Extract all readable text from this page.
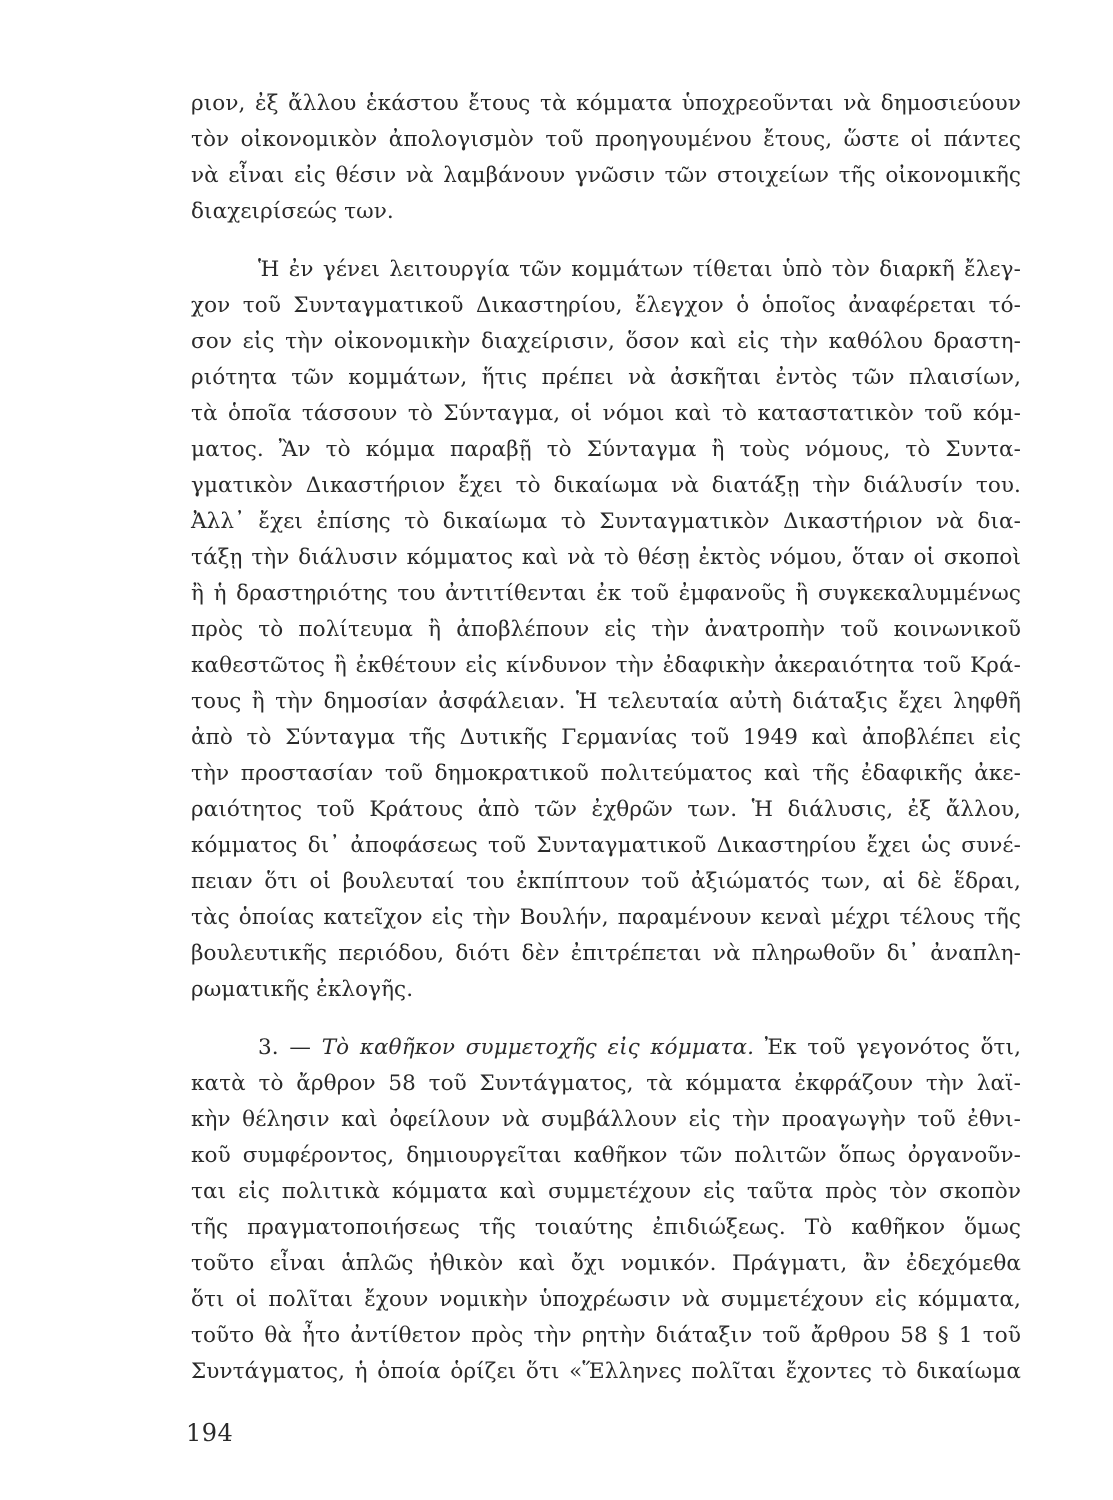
ριον, ἐξ ἄλλου ἑκάστου ἔτους τὰ κόμματα ὑποχρεοῦνται νὰ δημοσιεύουν
τὸν οἰκονομικὸν ἀπολογισμὸν τοῦ προηγουμένου ἔτους, ὥστε οἱ πάντες
νὰ εἶναι εἰς θέσιν νὰ λαμβάνουν γνῶσιν τῶν στοιχείων τῆς οἰκονομικῆς
διαχειρίσεώς των.
Ἡ ἐν γένει λειτουργία τῶν κομμάτων τίθεται ὑπὸ τὸν διαρκῆ ἔλεγ-
χον τοῦ Συνταγματικοῦ Δικαστηρίου, ἔλεγχον ὁ ὁποῖος ἀναφέρεται τό-
σον εἰς τὴν οἰκονομικὴν διαχείρισιν, ὅσον καὶ εἰς τὴν καθόλου δραστη-
ριότητα τῶν κομμάτων, ἥτις πρέπει νὰ ἀσκῆται ἐντὸς τῶν πλαισίων,
τὰ ὁποῖα τάσσουν τὸ Σύνταγμα, οἱ νόμοι καὶ τὸ καταστατικὸν τοῦ κόμ-
ματος. Ἂν τὸ κόμμα παραβῇ τὸ Σύνταγμα ἢ τοὺς νόμους, τὸ Συντα-
γματικὸν Δικαστήριον ἔχει τὸ δικαίωμα νὰ διατάξῃ τὴν διάλυσίν του.
Ἀλλ᾽ ἔχει ἐπίσης τὸ δικαίωμα τὸ Συνταγματικὸν Δικαστήριον νὰ δια-
τάξῃ τὴν διάλυσιν κόμματος καὶ νὰ τὸ θέσῃ ἐκτὸς νόμου, ὅταν οἱ σκοποὶ
ἢ ἡ δραστηριότης του ἀντιτίθενται ἐκ τοῦ ἐμφανοῦς ἢ συγκεκαλυμμένως
πρὸς τὸ πολίτευμα ἢ ἀποβλέπουν εἰς τὴν ἀνατροπὴν τοῦ κοινωνικοῦ
καθεστῶτος ἢ ἐκθέτουν εἰς κίνδυνον τὴν ἐδαφικὴν ἀκεραιότητα τοῦ Κρά-
τους ἢ τὴν δημοσίαν ἀσφάλειαν. Ἡ τελευταία αὐτὴ διάταξις ἔχει ληφθῆ
ἀπὸ τὸ Σύνταγμα τῆς Δυτικῆς Γερμανίας τοῦ 1949 καὶ ἀποβλέπει εἰς
τὴν προστασίαν τοῦ δημοκρατικοῦ πολιτεύματος καὶ τῆς ἐδαφικῆς ἀκε-
ραιότητος τοῦ Κράτους ἀπὸ τῶν ἐχθρῶν των. Ἡ διάλυσις, ἐξ ἄλλου,
κόμματος δι᾽ ἀποφάσεως τοῦ Συνταγματικοῦ Δικαστηρίου ἔχει ὡς συνέ-
πειαν ὅτι οἱ βουλευταί του ἐκπίπτουν τοῦ ἀξιώματός των, αἱ δὲ ἕδραι,
τὰς ὁποίας κατεῖχον εἰς τὴν Βουλήν, παραμένουν κεναὶ μέχρι τέλους τῆς
βουλευτικῆς περιόδου, διότι δὲν ἐπιτρέπεται νὰ πληρωθοῦν δι᾽ ἀναπλη-
ρωματικῆς ἐκλογῆς.
3. — Τὸ καθῆκον συμμετοχῆς εἰς κόμματα. Ἐκ τοῦ γεγονότος ὅτι,
κατὰ τὸ ἄρθρον 58 τοῦ Συντάγματος, τὰ κόμματα ἐκφράζουν τὴν λαϊ-
κὴν θέλησιν καὶ ὀφείλουν νὰ συμβάλλουν εἰς τὴν προαγωγὴν τοῦ ἐθνι-
κοῦ συμφέροντος, δημιουργεῖται καθῆκον τῶν πολιτῶν ὅπως ὀργανοῦν-
ται εἰς πολιτικὰ κόμματα καὶ συμμετέχουν εἰς ταῦτα πρὸς τὸν σκοπὸν
τῆς πραγματοποιήσεως τῆς τοιαύτης ἐπιδιώξεως. Τὸ καθῆκον ὅμως
τοῦτο εἶναι ἁπλῶς ἠθικὸν καὶ ὄχι νομικόν. Πράγματι, ἂν ἐδεχόμεθα
ὅτι οἱ πολῖται ἔχουν νομικὴν ὑποχρέωσιν νὰ συμμετέχουν εἰς κόμματα,
τοῦτο θὰ ἦτο ἀντίθετον πρὸς τὴν ρητὴν διάταξιν τοῦ ἄρθρου 58 § 1 τοῦ
Συντάγματος, ἡ ὁποία ὁρίζει ὅτι «Ἕλληνες πολῖται ἔχοντες τὸ δικαίωμα
194
